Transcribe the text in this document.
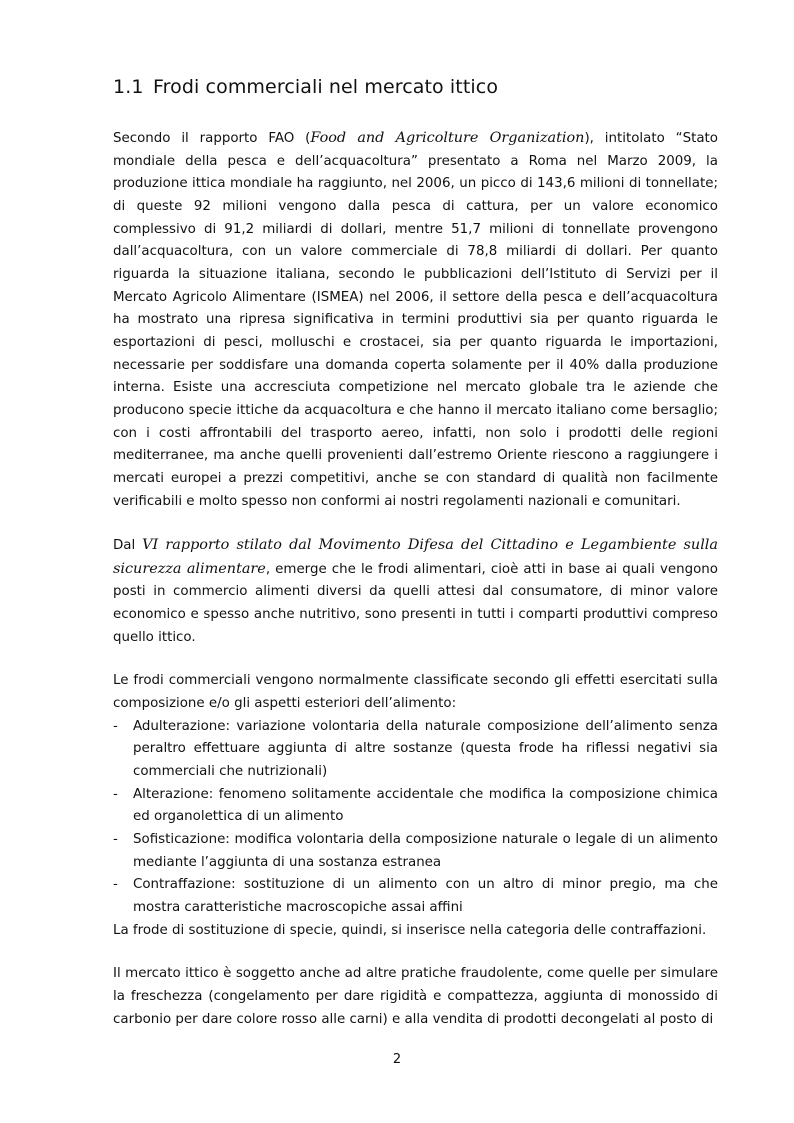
1.1 Frodi commerciali nel mercato ittico

Secondo il rapporto FAO (Food and Agricolture Organization), intitolato “Stato mondiale della pesca e dell’acquacoltura” presentato a Roma nel Marzo 2009, la produzione ittica mondiale ha raggiunto, nel 2006, un picco di 143,6 milioni di tonnellate; di queste 92 milioni vengono dalla pesca di cattura, per un valore economico complessivo di 91,2 miliardi di dollari, mentre 51,7 milioni di tonnellate provengono dall’acquacoltura, con un valore commerciale di 78,8 miliardi di dollari. Per quanto riguarda la situazione italiana, secondo le pubblicazioni dell’Istituto di Servizi per il Mercato Agricolo Alimentare (ISMEA) nel 2006, il settore della pesca e dell’acquacoltura ha mostrato una ripresa significativa in termini produttivi sia per quanto riguarda le esportazioni di pesci, molluschi e crostacei, sia per quanto riguarda le importazioni, necessarie per soddisfare una domanda coperta solamente per il 40% dalla produzione interna. Esiste una accresciuta competizione nel mercato globale tra le aziende che producono specie ittiche da acquacoltura e che hanno il mercato italiano come bersaglio; con i costi affrontabili del trasporto aereo, infatti, non solo i prodotti delle regioni mediterranee, ma anche quelli provenienti dall’estremo Oriente riescono a raggiungere i mercati europei a prezzi competitivi, anche se con standard di qualità non facilmente verificabili e molto spesso non conformi ai nostri regolamenti nazionali e comunitari.

Dal VI rapporto stilato dal Movimento Difesa del Cittadino e Legambiente sulla sicurezza alimentare, emerge che le frodi alimentari, cioè atti in base ai quali vengono posti in commercio alimenti diversi da quelli attesi dal consumatore, di minor valore economico e spesso anche nutritivo, sono presenti in tutti i comparti produttivi compreso quello ittico.

Le frodi commerciali vengono normalmente classificate secondo gli effetti esercitati sulla composizione e/o gli aspetti esteriori dell’alimento:

- Adulterazione: variazione volontaria della naturale composizione dell’alimento senza peraltro effettuare aggiunta di altre sostanze (questa frode ha riflessi negativi sia commerciali che nutrizionali)
- Alterazione: fenomeno solitamente accidentale che modifica la composizione chimica ed organolettica di un alimento
- Sofisticazione: modifica volontaria della composizione naturale o legale di un alimento mediante l’aggiunta di una sostanza estranea
- Contraffazione: sostituzione di un alimento con un altro di minor pregio, ma che mostra caratteristiche macroscopiche assai affini

La frode di sostituzione di specie, quindi, si inserisce nella categoria delle contraffazioni.

Il mercato ittico è soggetto anche ad altre pratiche fraudolente, come quelle per simulare la freschezza (congelamento per dare rigidità e compattezza, aggiunta di monossido di carbonio per dare colore rosso alle carni) e alla vendita di prodotti decongelati al posto di

2
